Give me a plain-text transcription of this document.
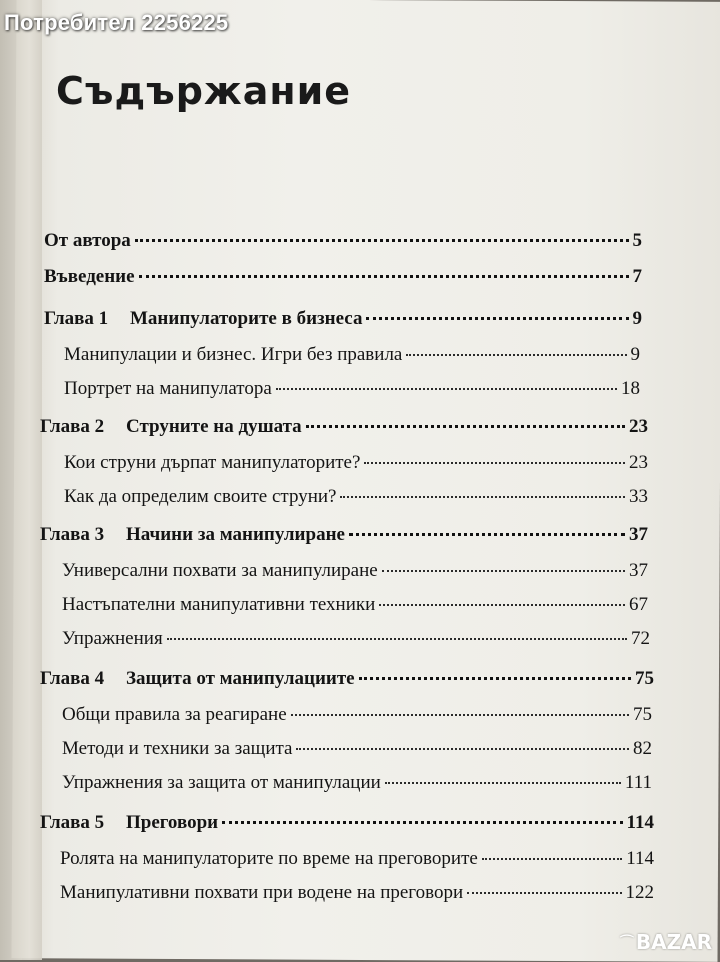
Потребител 2256225
Съдържание
От автора	5
Въведение	7
Глава 1	Манипулаторите в бизнеса	9
Манипулации и бизнес. Игри без правила	9
Портрет на манипулатора	18
Глава 2	Струните на душата	23
Кои струни дърпат манипулаторите?	23
Как да определим своите струни?	33
Глава 3	Начини за манипулиране	37
Универсални похвати за манипулиране	37
Настъпателни манипулативни техники	67
Упражнения	72
Глава 4	Защита от манипулациите	75
Общи правила за реагиране	75
Методи и техники за защита	82
Упражнения за защита от манипулации	111
Глава 5	Преговори	114
Ролята на манипулаторите по време на преговорите	114
Манипулативни похвати при водене на преговори	122
⌒ BAZAR
